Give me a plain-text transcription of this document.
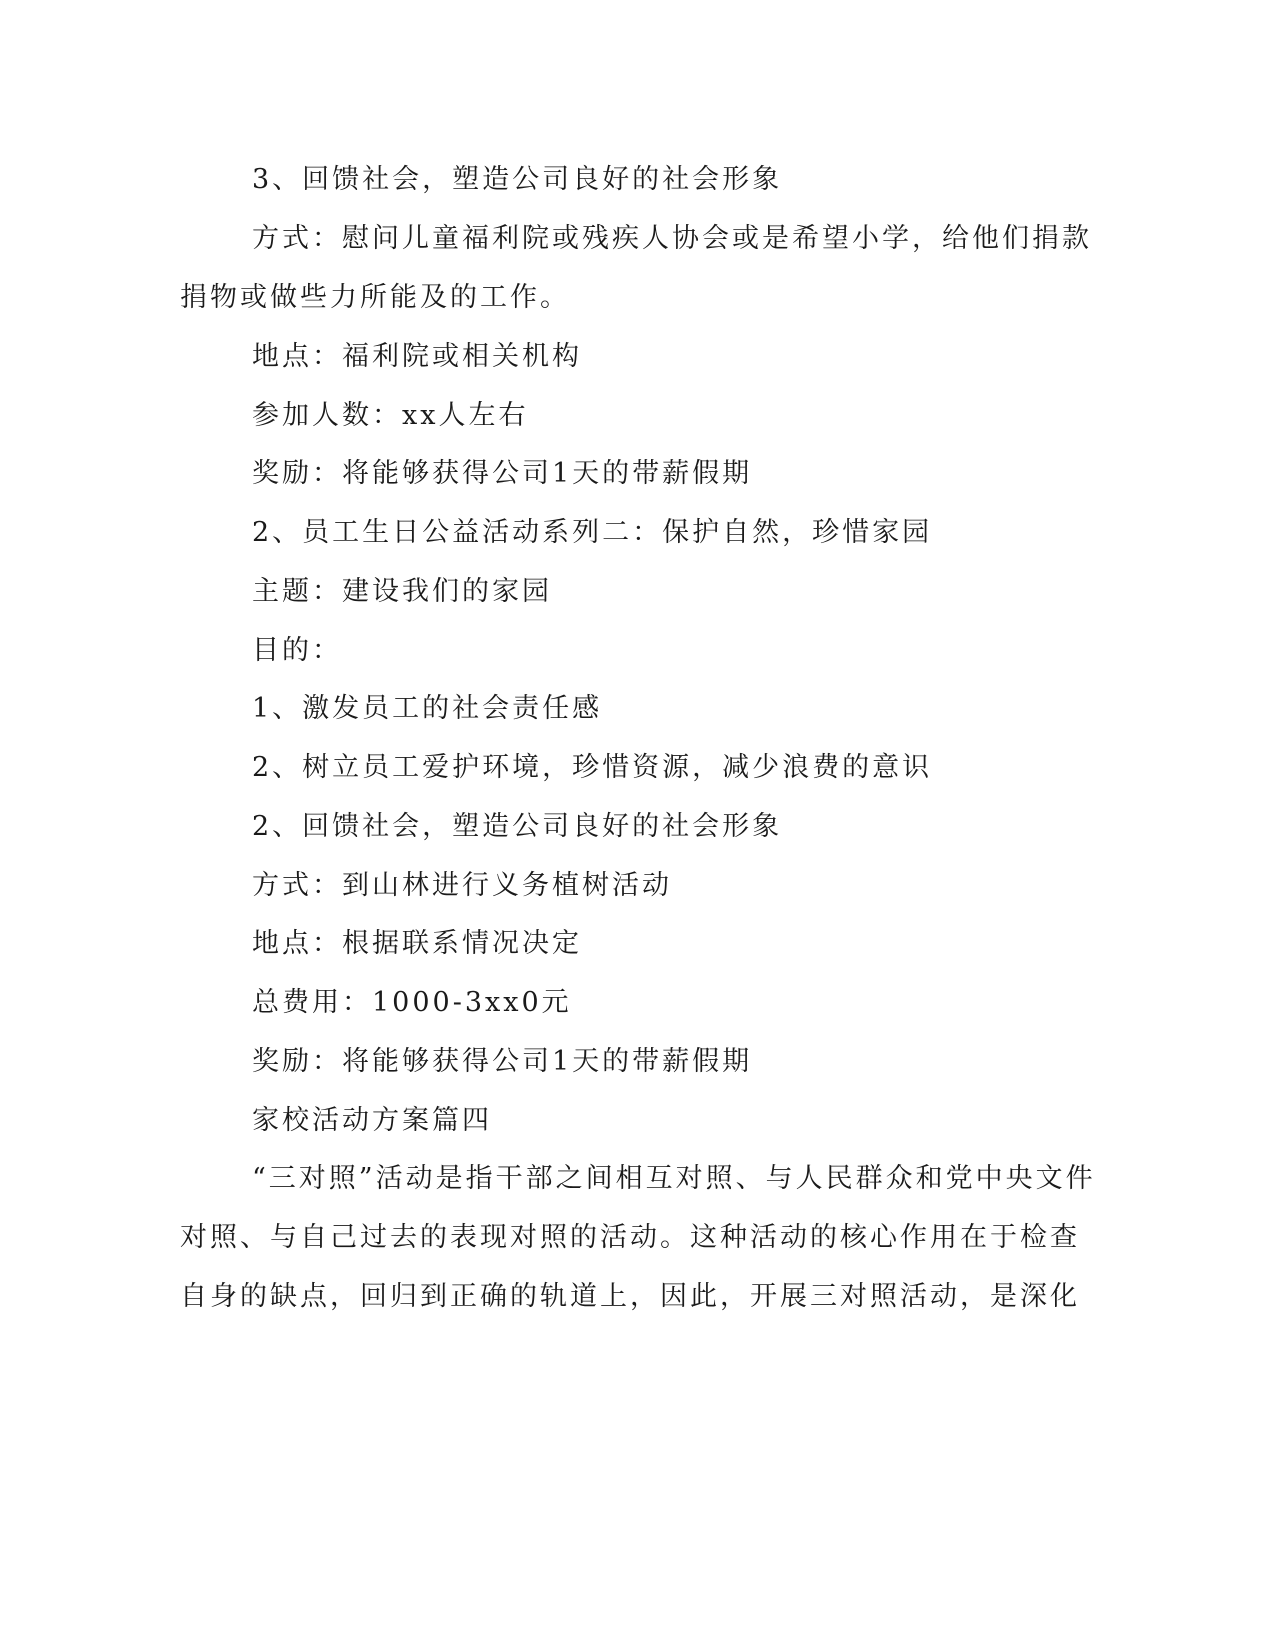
3、回馈社会，塑造公司良好的社会形象
方式：慰问儿童福利院或残疾人协会或是希望小学，给他们捐款
捐物或做些力所能及的工作。
地点：福利院或相关机构
参加人数：xx人左右
奖励：将能够获得公司1天的带薪假期
2、员工生日公益活动系列二：保护自然，珍惜家园
主题：建设我们的家园
目的：
1、激发员工的社会责任感
2、树立员工爱护环境，珍惜资源，减少浪费的意识
2、回馈社会，塑造公司良好的社会形象
方式：到山林进行义务植树活动
地点：根据联系情况决定
总费用：1000-3xx0元
奖励：将能够获得公司1天的带薪假期
家校活动方案篇四
“三对照”活动是指干部之间相互对照、与人民群众和党中央文件
对照、与自己过去的表现对照的活动。这种活动的核心作用在于检查
自身的缺点，回归到正确的轨道上，因此，开展三对照活动，是深化
